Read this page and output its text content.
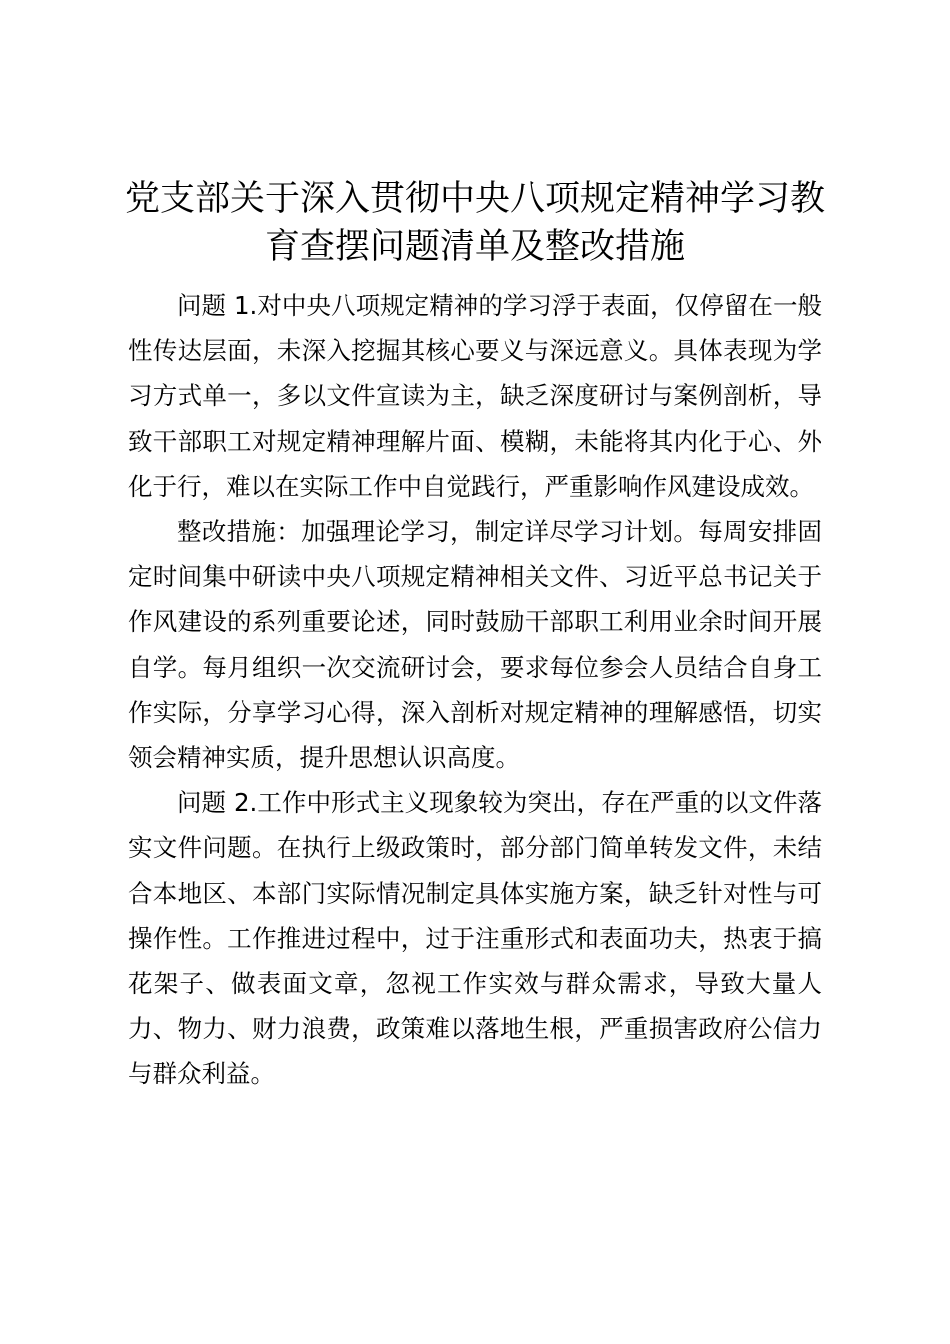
党支部关于深入贯彻中央八项规定精神学习教育查摆问题清单及整改措施

问题 1.对中央八项规定精神的学习浮于表面，仅停留在一般性传达层面，未深入挖掘其核心要义与深远意义。具体表现为学习方式单一，多以文件宣读为主，缺乏深度研讨与案例剖析，导致干部职工对规定精神理解片面、模糊，未能将其内化于心、外化于行，难以在实际工作中自觉践行，严重影响作风建设成效。

整改措施：加强理论学习，制定详尽学习计划。每周安排固定时间集中研读中央八项规定精神相关文件、习近平总书记关于作风建设的系列重要论述，同时鼓励干部职工利用业余时间开展自学。每月组织一次交流研讨会，要求每位参会人员结合自身工作实际，分享学习心得，深入剖析对规定精神的理解感悟，切实领会精神实质，提升思想认识高度。

问题 2.工作中形式主义现象较为突出，存在严重的以文件落实文件问题。在执行上级政策时，部分部门简单转发文件，未结合本地区、本部门实际情况制定具体实施方案，缺乏针对性与可操作性。工作推进过程中，过于注重形式和表面功夫，热衷于搞花架子、做表面文章，忽视工作实效与群众需求，导致大量人力、物力、财力浪费，政策难以落地生根，严重损害政府公信力与群众利益。
